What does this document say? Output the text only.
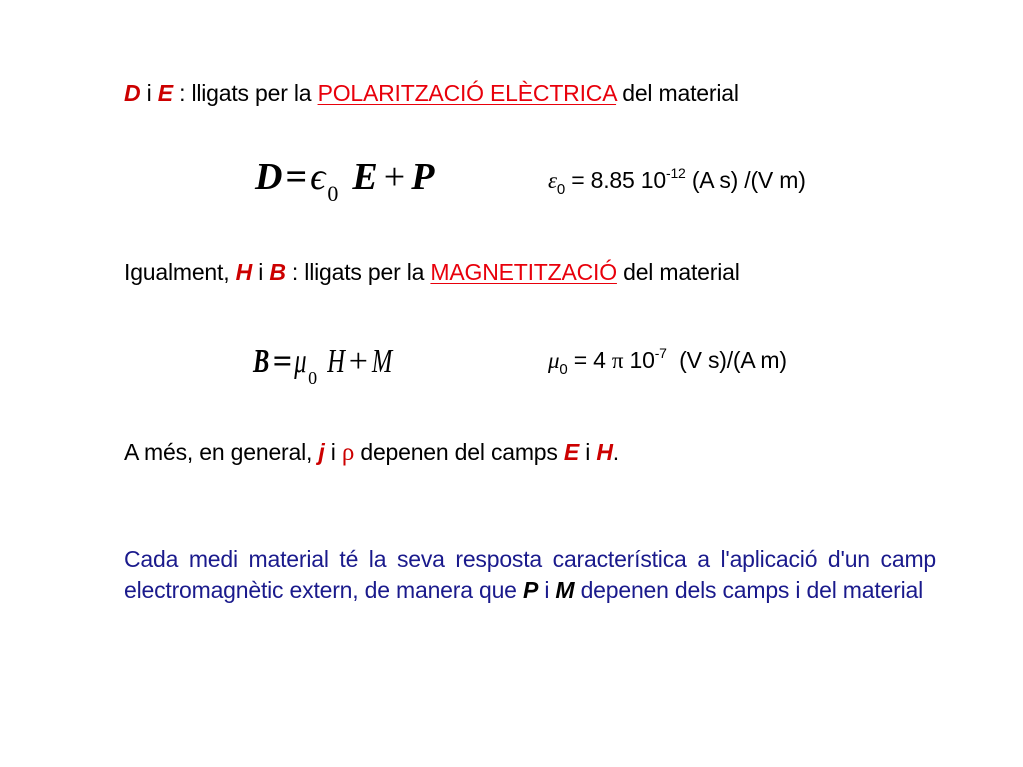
D i E : lligats per la POLARITZACIÓ ELÈCTRICA del material
$D=\epsilon_0$ E + P	$\varepsilon_0 = 8.85$ $10^{-12}$ (A s) /(V m)
Igualment, H i B : lligats per la MAGNETITZACIÓ del material
B =μ $_0$ H + M	$\mu_0 = 4$ π $10^{-7}$  (V s)/(A m)
A més, en general, j i ρ depenen del camps E i H.
Cada medi material té la seva resposta característica a l'aplicació d'un camp electromagnètic extern, de manera que P i M depenen dels camps i del material
